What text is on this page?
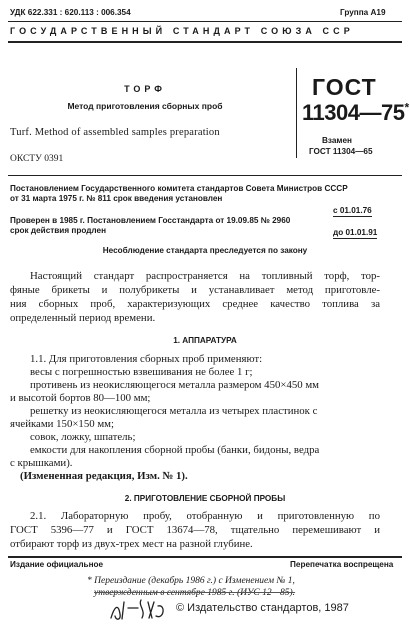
УДК 622.331 : 620.113 : 006.354	Группа А19
ГОСУДАРСТВЕННЫЙ СТАНДАРТ СОЮЗА ССР
ТОРФ
Метод приготовления сборных проб
Turf. Method of assembled samples preparation
ГОСТ
11304—75*
Взамен
ГОСТ 11304—65
ОКСТУ 0391
Постановлением Государственного комитета стандартов Совета Министров СССР
от 31 марта 1975 г. № 811 срок введения установлен
с 01.01.76
Проверен в 1985 г. Постановлением Госстандарта от 19.09.85 № 2960
срок действия продлен	до 01.01.91
Несоблюдение стандарта преследуется по закону
Настоящий стандарт распространяется на топливный торф, тор-
фяные брикеты и полубрикеты и устанавливает метод приготовле-
ния сборных проб, характеризующих среднее качество топлива за
определенный период времени.
1. АППАРАТУРА
1.1. Для приготовления сборных проб применяют:
весы с погрешностью взвешивания не более 1 г;
противень из неокисляющегося металла размером 450×450 мм
и высотой бортов 80—100 мм;
решетку из неокисляющегося металла из четырех пластинок с
ячейками 150×150 мм;
совок, ложку, шпатель;
емкости для накопления сборной пробы (банки, бидоны, ведра
с крышками).
(Измененная редакция, Изм. № 1).
2. ПРИГОТОВЛЕНИЕ СБОРНОЙ ПРОБЫ
2.1. Лабораторную пробу, отобранную и приготовленную по
ГОСТ 5396—77 и ГОСТ 13674—78, тщательно перемешивают и
отбирают торф из двух-трех мест на разной глубине.
Издание официальное	Перепечатка воспрещена
* Переиздание (декабрь 1986 г.) с Изменением № 1,
утвержденным в сентябре 1985 г. (ИУС 12—85).
© Издательство стандартов, 1987
